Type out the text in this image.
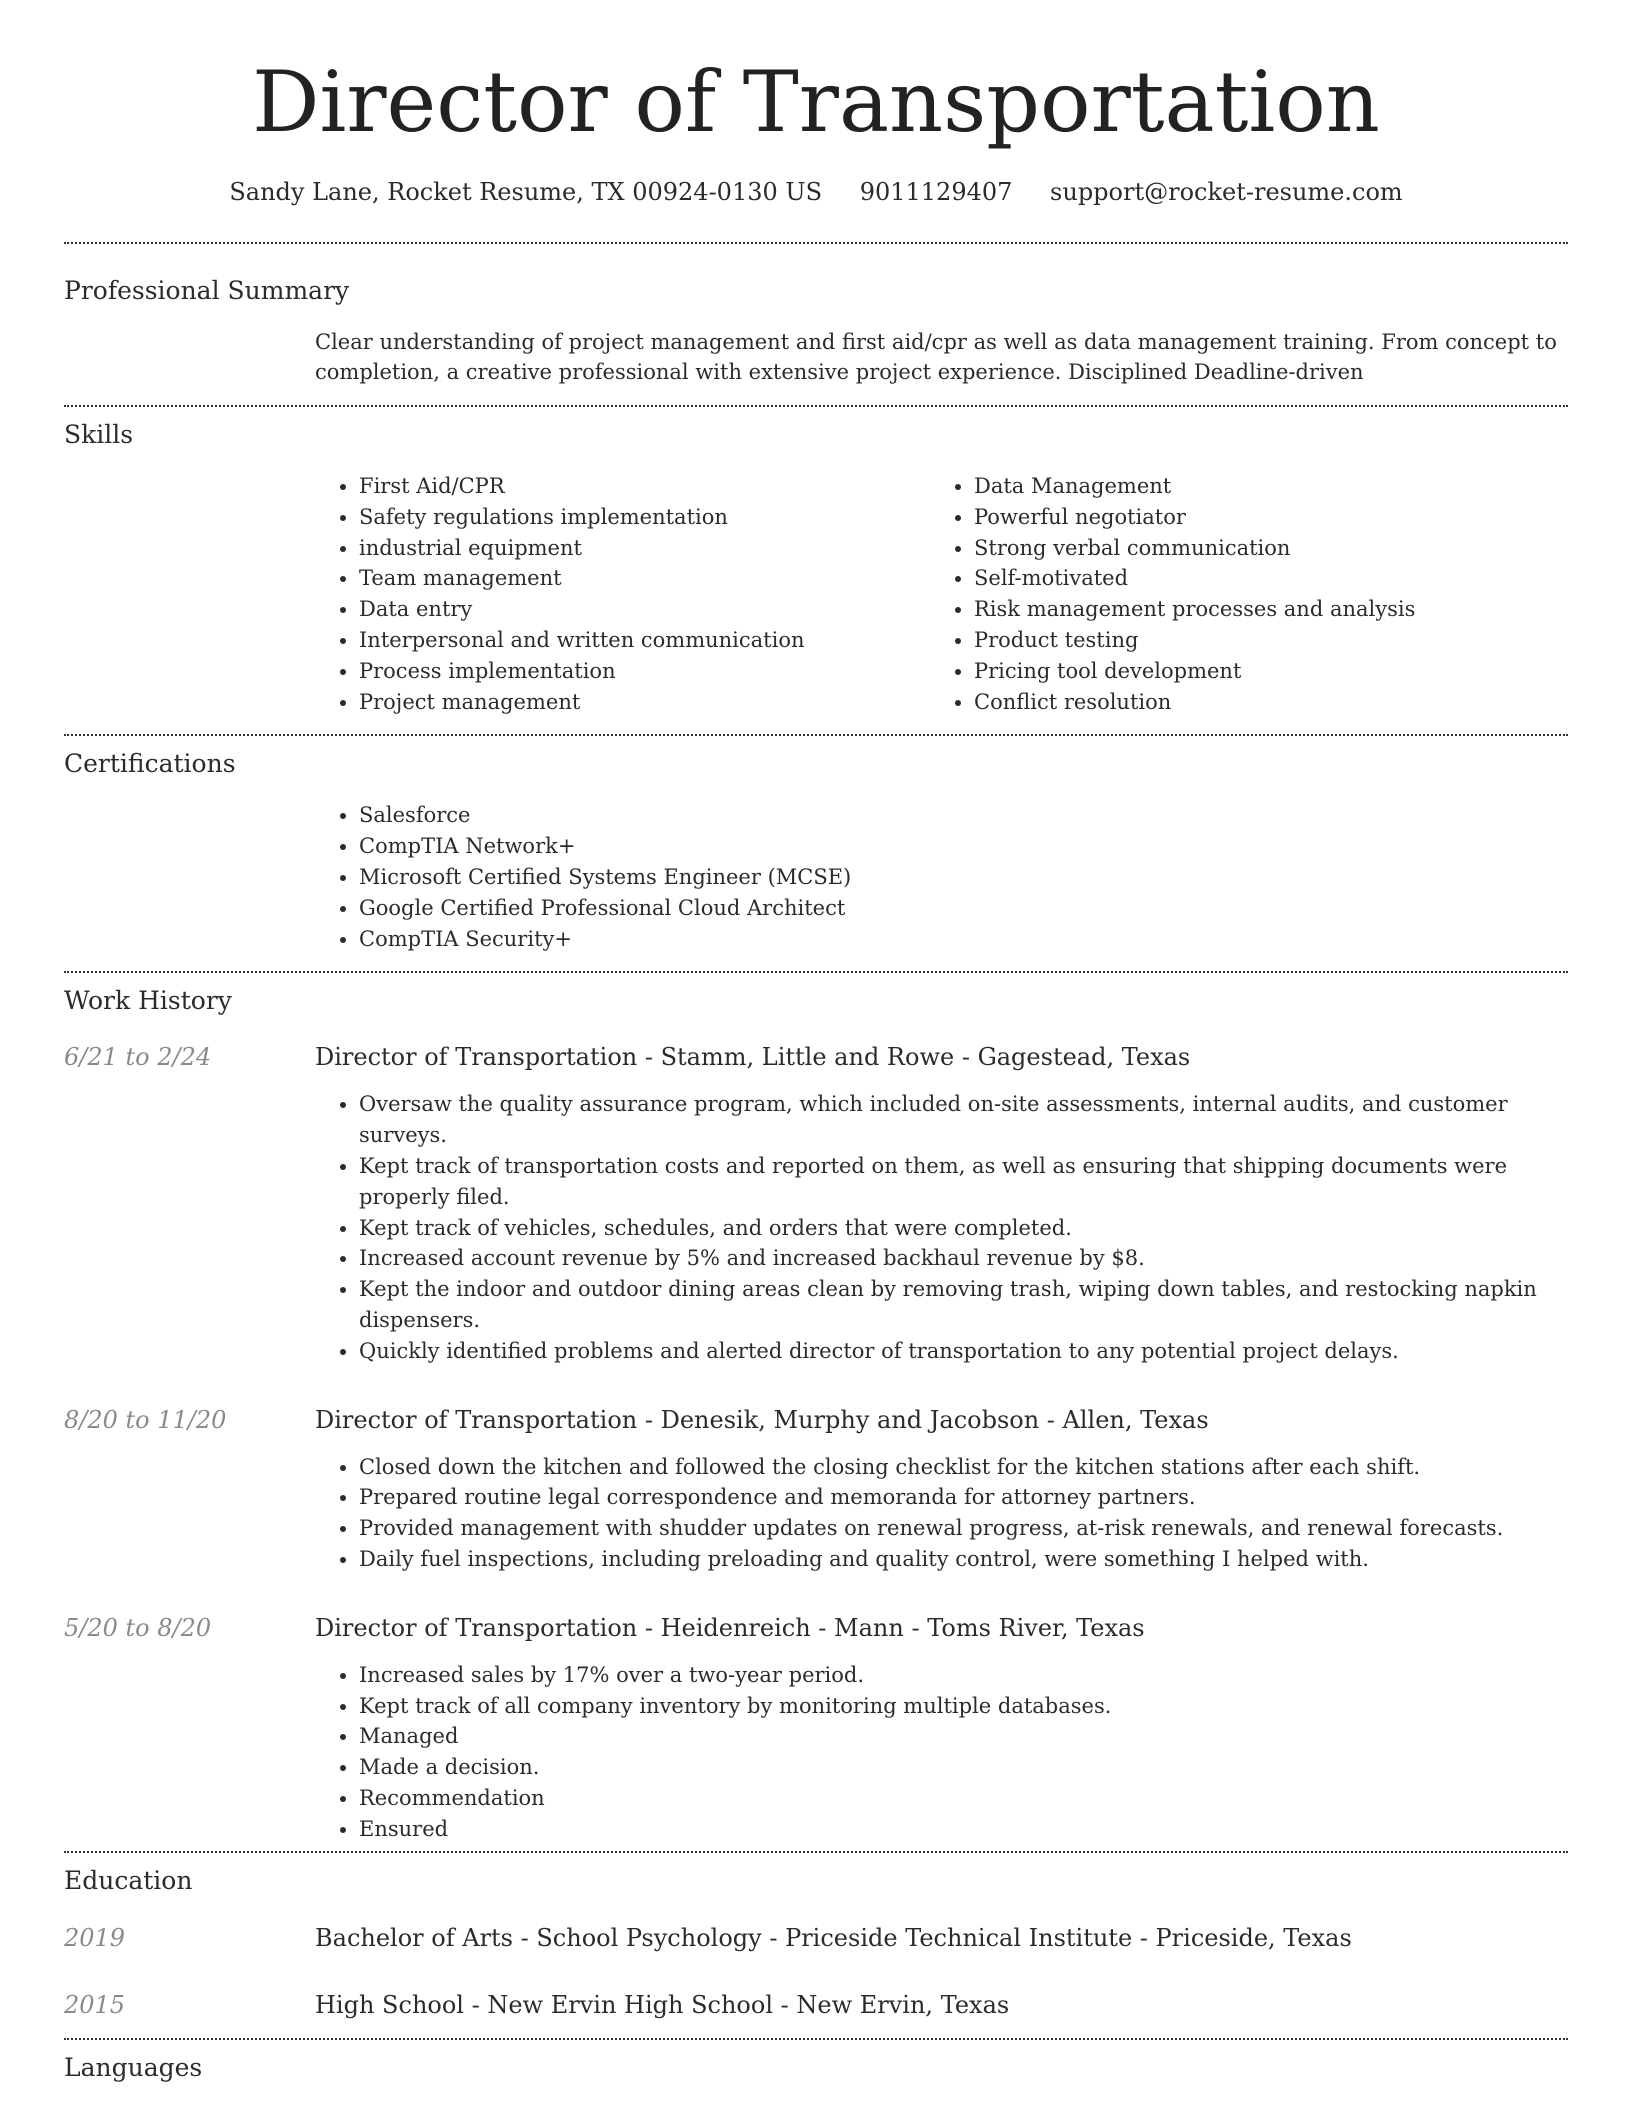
Director of Transportation
Sandy Lane, Rocket Resume, TX 00924-0130 US 9011129407 support@rocket-resume.com
Professional Summary

Clear understanding of project management and first aid/cpr as well as data management training. From concept to completion, a creative professional with extensive project experience. Disciplined Deadline-driven

Skills
• First Aid/CPR
• Safety regulations implementation
• industrial equipment
• Team management
• Data entry
• Interpersonal and written communication
• Process implementation
• Project management
• Data Management
• Powerful negotiator
• Strong verbal communication
• Self-motivated
• Risk management processes and analysis
• Product testing
• Pricing tool development
• Conflict resolution
Certifications
• Salesforce
• CompTIA Network+
• Microsoft Certified Systems Engineer (MCSE)
• Google Certified Professional Cloud Architect
• CompTIA Security+
Work History
6/21 to 2/24	Director of Transportation - Stamm, Little and Rowe - Gagestead, Texas
• Oversaw the quality assurance program, which included on-site assessments, internal audits, and customer surveys.
• Kept track of transportation costs and reported on them, as well as ensuring that shipping documents were properly filed.
• Kept track of vehicles, schedules, and orders that were completed.
• Increased account revenue by 5% and increased backhaul revenue by $8.
• Kept the indoor and outdoor dining areas clean by removing trash, wiping down tables, and restocking napkin dispensers.
• Quickly identified problems and alerted director of transportation to any potential project delays.
8/20 to 11/20	Director of Transportation - Denesik, Murphy and Jacobson - Allen, Texas
• Closed down the kitchen and followed the closing checklist for the kitchen stations after each shift.
• Prepared routine legal correspondence and memoranda for attorney partners.
• Provided management with shudder updates on renewal progress, at-risk renewals, and renewal forecasts.
• Daily fuel inspections, including preloading and quality control, were something I helped with.
5/20 to 8/20	Director of Transportation - Heidenreich - Mann - Toms River, Texas
• Increased sales by 17% over a two-year period.
• Kept track of all company inventory by monitoring multiple databases.
• Managed
• Made a decision.
• Recommendation
• Ensured
Education
2019	Bachelor of Arts - School Psychology - Priceside Technical Institute - Priceside, Texas
2015	High School - New Ervin High School - New Ervin, Texas
Languages
